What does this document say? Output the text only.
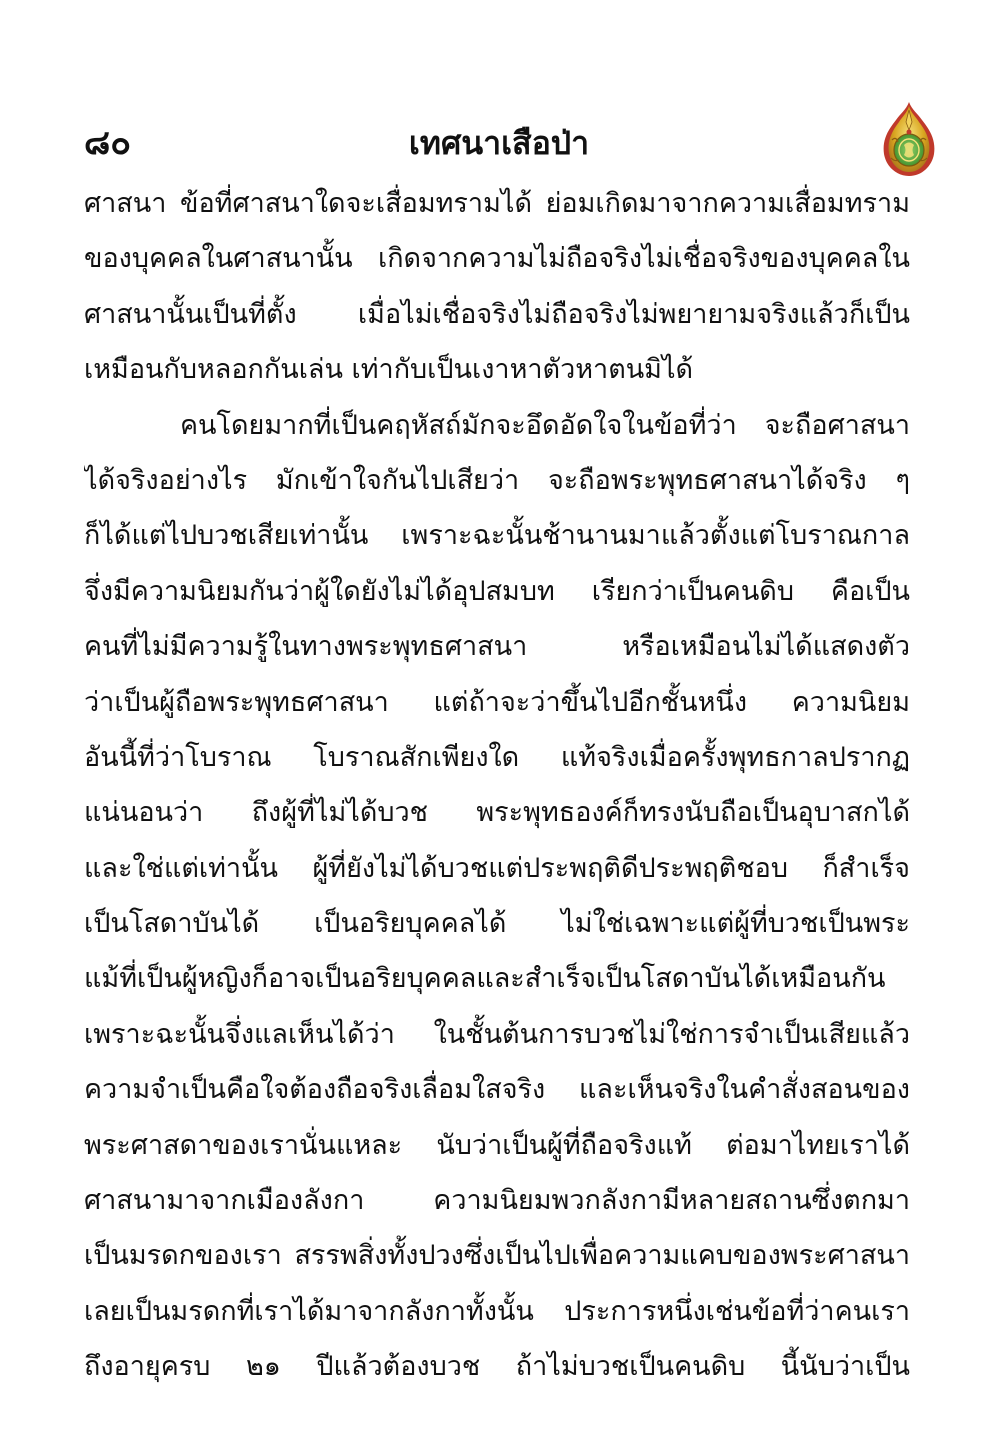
๘๐	เทศนาเสือป่า
ศาสนา ข้อที่ศาสนาใดจะเสื่อมทรามได้ ย่อมเกิดมาจากความเสื่อมทราม
ของบุคคลในศาสนานั้น เกิดจากความไม่ถือจริงไม่เชื่อจริงของบุคคลใน
ศาสนานั้นเป็นที่ตั้ง เมื่อไม่เชื่อจริงไม่ถือจริงไม่พยายามจริงแล้วก็เป็น
เหมือนกับหลอกกันเล่น เท่ากับเป็นเงาหาตัวหาตนมิได้
คนโดยมากที่เป็นคฤหัสถ์มักจะอึดอัดใจในข้อที่ว่า จะถือศาสนา
ได้จริงอย่างไร มักเข้าใจกันไปเสียว่า จะถือพระพุทธศาสนาได้จริง ๆ
ก็ได้แต่ไปบวชเสียเท่านั้น เพราะฉะนั้นช้านานมาแล้วตั้งแต่โบราณกาล
จึ่งมีความนิยมกันว่าผู้ใดยังไม่ได้อุปสมบท เรียกว่าเป็นคนดิบ คือเป็น
คนที่ไม่มีความรู้ในทางพระพุทธศาสนา หรือเหมือนไม่ได้แสดงตัว
ว่าเป็นผู้ถือพระพุทธศาสนา แต่ถ้าจะว่าขึ้นไปอีกชั้นหนึ่ง ความนิยม
อันนี้ที่ว่าโบราณ โบราณสักเพียงใด แท้จริงเมื่อครั้งพุทธกาลปรากฏ
แน่นอนว่า ถึงผู้ที่ไม่ได้บวช พระพุทธองค์ก็ทรงนับถือเป็นอุบาสกได้
และใช่แต่เท่านั้น ผู้ที่ยังไม่ได้บวชแต่ประพฤติดีประพฤติชอบ ก็สำเร็จ
เป็นโสดาบันได้ เป็นอริยบุคคลได้ ไม่ใช่เฉพาะแต่ผู้ที่บวชเป็นพระ
แม้ที่เป็นผู้หญิงก็อาจเป็นอริยบุคคลและสำเร็จเป็นโสดาบันได้เหมือนกัน
เพราะฉะนั้นจึ่งแลเห็นได้ว่า ในชั้นต้นการบวชไม่ใช่การจำเป็นเสียแล้ว
ความจำเป็นคือใจต้องถือจริงเลื่อมใสจริง และเห็นจริงในคำสั่งสอนของ
พระศาสดาของเรานั่นแหละ นับว่าเป็นผู้ที่ถือจริงแท้ ต่อมาไทยเราได้
ศาสนามาจากเมืองลังกา ความนิยมพวกลังกามีหลายสถานซึ่งตกมา
เป็นมรดกของเรา สรรพสิ่งทั้งปวงซึ่งเป็นไปเพื่อความแคบของพระศาสนา
เลยเป็นมรดกที่เราได้มาจากลังกาทั้งนั้น ประการหนึ่งเช่นข้อที่ว่าคนเรา
ถึงอายุครบ ๒๑ ปีแล้วต้องบวช ถ้าไม่บวชเป็นคนดิบ นี้นับว่าเป็น
